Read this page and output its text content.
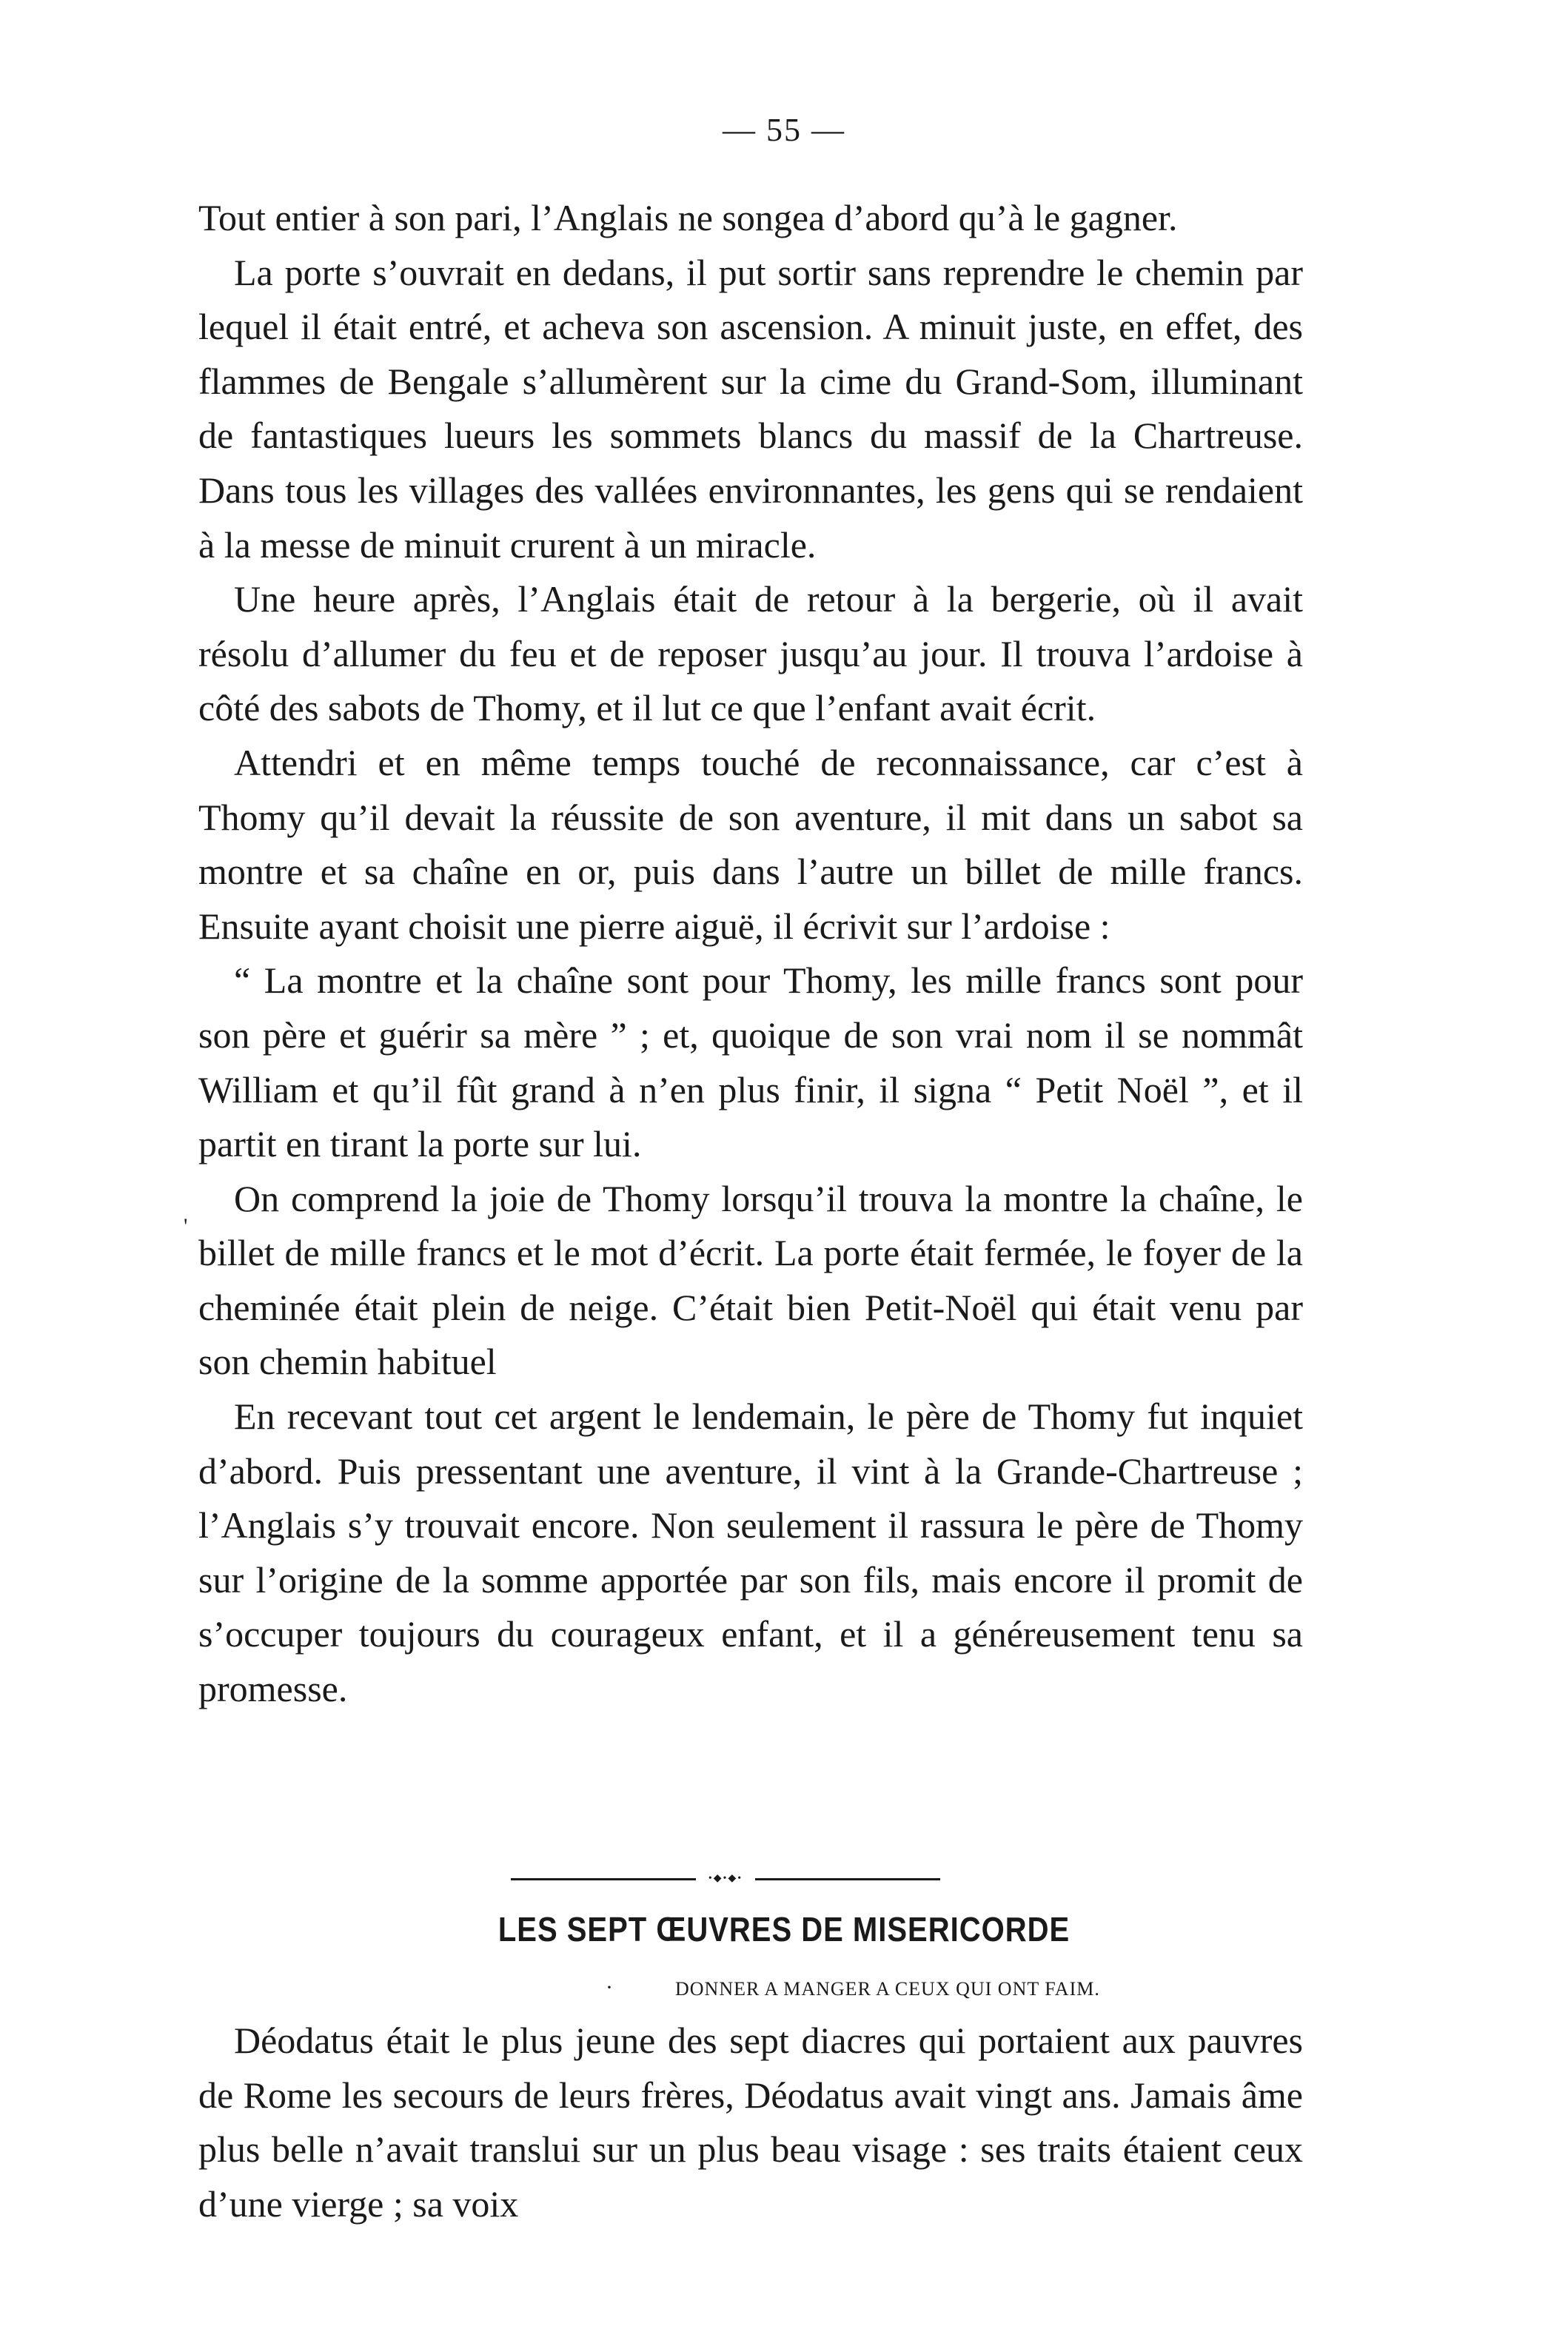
— 55 —

Tout entier à son pari, l’Anglais ne songea d’abord qu’à le gagner.

La porte s’ouvrait en dedans, il put sortir sans reprendre le chemin par lequel il était entré, et acheva son ascension. A minuit juste, en effet, des flammes de Bengale s’allumèrent sur la cime du Grand-Som, illuminant de fantastiques lueurs les sommets blancs du massif de la Chartreuse. Dans tous les villages des vallées environnantes, les gens qui se rendaient à la messe de minuit crurent à un miracle.

Une heure après, l’Anglais était de retour à la bergerie, où il avait résolu d’allumer du feu et de reposer jusqu’au jour. Il trouva l’ardoise à côté des sabots de Thomy, et il lut ce que l’enfant avait écrit.

Attendri et en même temps touché de reconnaissance, car c’est à Thomy qu’il devait la réussite de son aventure, il mit dans un sabot sa montre et sa chaîne en or, puis dans l’autre un billet de mille francs. Ensuite ayant choisit une pierre aiguë, il écrivit sur l’ardoise :

“ La montre et la chaîne sont pour Thomy, les mille francs sont pour son père et guérir sa mère ” ; et, quoique de son vrai nom il se nommât William et qu’il fût grand à n’en plus finir, il signa “ Petit Noël ”, et il partit en tirant la porte sur lui.

On comprend la joie de Thomy lorsqu’il trouva la montre la chaîne, le billet de mille francs et le mot d’écrit. La porte était fermée, le foyer de la cheminée était plein de neige. C’était bien Petit-Noël qui était venu par son chemin habituel

En recevant tout cet argent le lendemain, le père de Thomy fut inquiet d’abord. Puis pressentant une aventure, il vint à la Grande-Chartreuse ; l’Anglais s’y trouvait encore. Non seulement il rassura le père de Thomy sur l’origine de la somme apportée par son fils, mais encore il promit de s’occuper toujours du courageux enfant, et il a généreusement tenu sa promesse.

'
•◆•◆•
LES SEPT ŒUVRES DE MISERICORDE
·	DONNER A MANGER A CEUX QUI ONT FAIM.

Déodatus était le plus jeune des sept diacres qui portaient aux pauvres de Rome les secours de leurs frères, Déodatus avait vingt ans. Jamais âme plus belle n’avait translui sur un plus beau visage : ses traits étaient ceux d’une vierge ; sa voix
